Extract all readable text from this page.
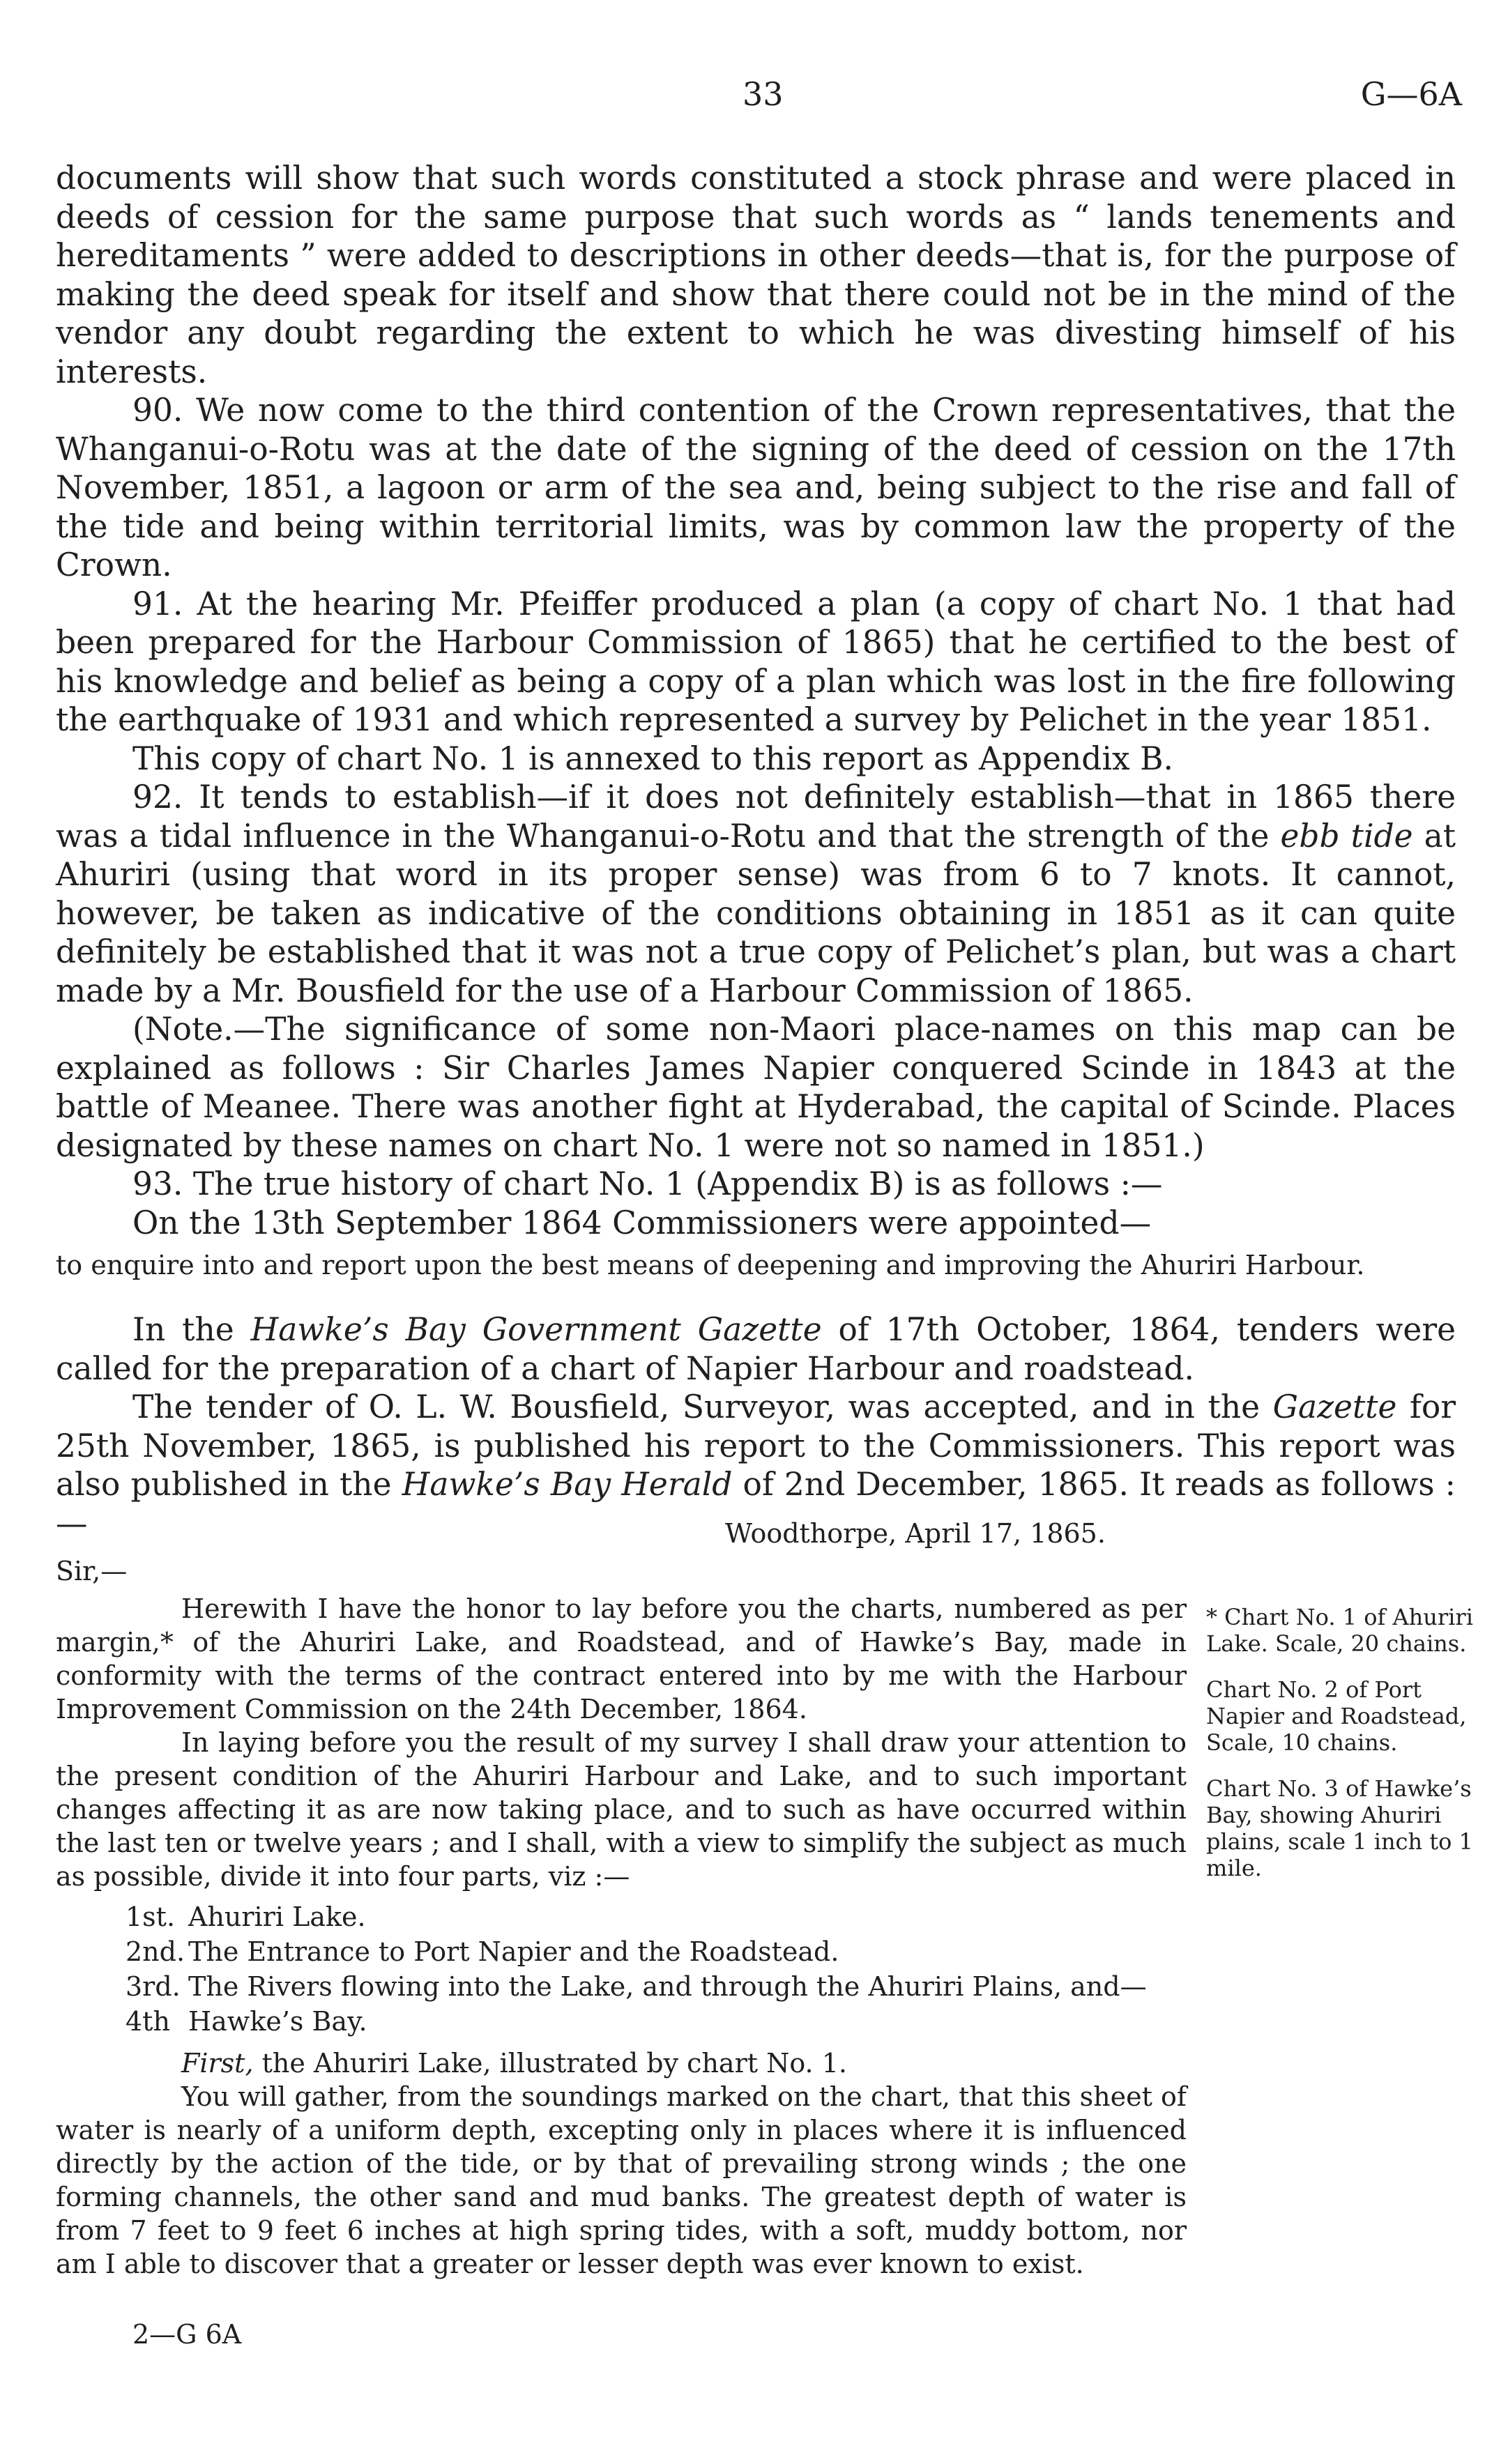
33	G—6A

documents will show that such words constituted a stock phrase and were placed in deeds of cession for the same purpose that such words as “ lands tenements and hereditaments ” were added to descriptions in other deeds—that is, for the purpose of making the deed speak for itself and show that there could not be in the mind of the vendor any doubt regarding the extent to which he was divesting himself of his interests.

90. We now come to the third contention of the Crown representatives, that the Whanganui-o-Rotu was at the date of the signing of the deed of cession on the 17th November, 1851, a lagoon or arm of the sea and, being subject to the rise and fall of the tide and being within territorial limits, was by common law the property of the Crown.

91. At the hearing Mr. Pfeiffer produced a plan (a copy of chart No. 1 that had been prepared for the Harbour Commission of 1865) that he certified to the best of his knowledge and belief as being a copy of a plan which was lost in the fire following the earthquake of 1931 and which represented a survey by Pelichet in the year 1851.

This copy of chart No. 1 is annexed to this report as Appendix B.

92. It tends to establish—if it does not definitely establish—that in 1865 there was a tidal influence in the Whanganui-o-Rotu and that the strength of the ebb tide at Ahuriri (using that word in its proper sense) was from 6 to 7 knots. It cannot, however, be taken as indicative of the conditions obtaining in 1851 as it can quite definitely be established that it was not a true copy of Pelichet’s plan, but was a chart made by a Mr. Bousfield for the use of a Harbour Commission of 1865.

(Note.—The significance of some non-Maori place-names on this map can be explained as follows : Sir Charles James Napier conquered Scinde in 1843 at the battle of Meanee. There was another fight at Hyderabad, the capital of Scinde. Places designated by these names on chart No. 1 were not so named in 1851.)

93. The true history of chart No. 1 (Appendix B) is as follows :—

On the 13th September 1864 Commissioners were appointed—

to enquire into and report upon the best means of deepening and improving the Ahuriri Harbour.

In the Hawke’s Bay Government Gazette of 17th October, 1864, tenders were called for the preparation of a chart of Napier Harbour and roadstead.

The tender of O. L. W. Bousfield, Surveyor, was accepted, and in the Gazette for 25th November, 1865, is published his report to the Commissioners. This report was also published in the Hawke’s Bay Herald of 2nd December, 1865. It reads as follows :—	Woodthorpe, April 17, 1865.
Sir,—

Herewith I have the honor to lay before you the charts, numbered as per margin,* of the Ahuriri Lake, and Roadstead, and of Hawke’s Bay, made in conformity with the terms of the contract entered into by me with the Harbour Improvement Commission on the 24th December, 1864.

In laying before you the result of my survey I shall draw your attention to the present condition of the Ahuriri Harbour and Lake, and to such important changes affecting it as are now taking place, and to such as have occurred within the last ten or twelve years ; and I shall, with a view to simplify the subject as much as possible, divide it into four parts, viz :—

1st. Ahuriri Lake.
2nd. The Entrance to Port Napier and the Roadstead.
3rd. The Rivers flowing into the Lake, and through the Ahuriri Plains, and—
4th Hawke’s Bay.

First, the Ahuriri Lake, illustrated by chart No. 1.

You will gather, from the soundings marked on the chart, that this sheet of water is nearly of a uniform depth, excepting only in places where it is influenced directly by the action of the tide, or by that of prevailing strong winds ; the one forming channels, the other sand and mud banks. The greatest depth of water is from 7 feet to 9 feet 6 inches at high spring tides, with a soft, muddy bottom, nor am I able to discover that a greater or lesser depth was ever known to exist.

* Chart No. 1 of Ahuriri Lake. Scale, 20 chains.
Chart No. 2 of Port Napier and Roadstead, Scale, 10 chains.
Chart No. 3 of Hawke’s Bay, showing Ahuriri plains, scale 1 inch to 1 mile.
2—G 6A
